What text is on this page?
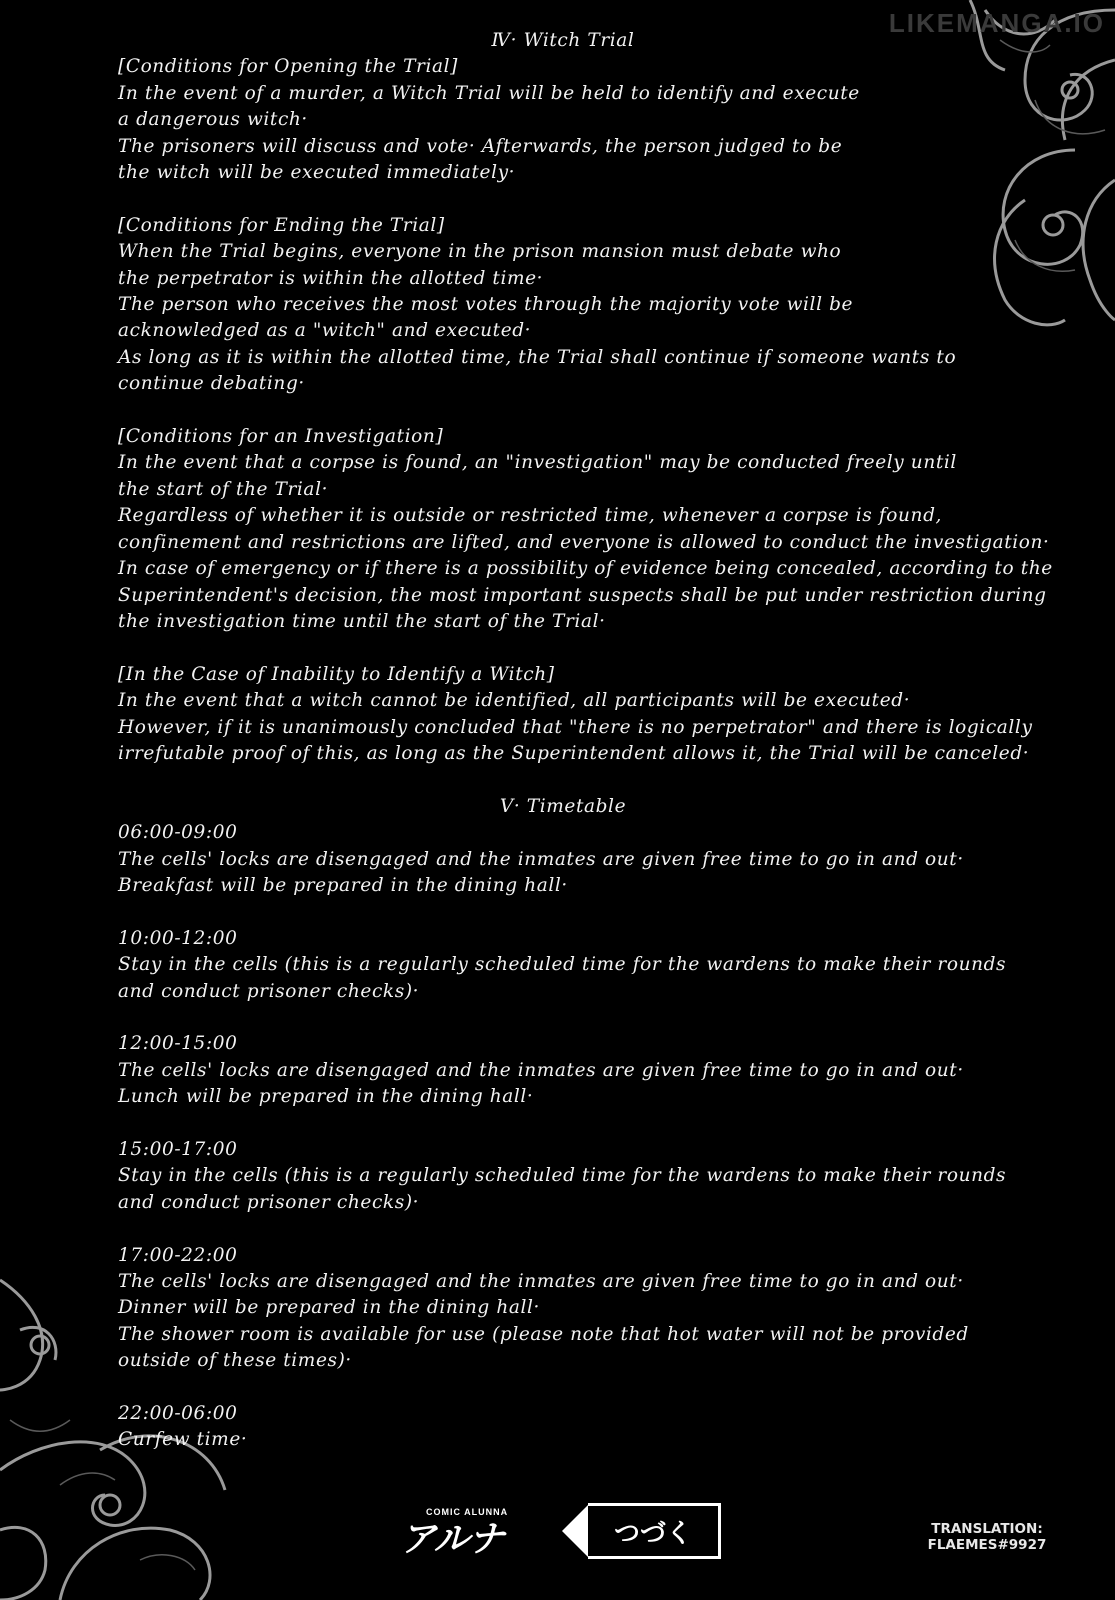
LIKEMANGA.IO
Ⅳ· Witch Trial
[Conditions for Opening the Trial]
In the event of a murder, a Witch Trial will be held to identify and execute
a dangerous witch·
The prisoners will discuss and vote· Afterwards, the person judged to be
the witch will be executed immediately·
[Conditions for Ending the Trial]
When the Trial begins, everyone in the prison mansion must debate who
the perpetrator is within the allotted time·
The person who receives the most votes through the majority vote will be
acknowledged as a "witch" and executed·
As long as it is within the allotted time, the Trial shall continue if someone wants to
continue debating·
[Conditions for an Investigation]
In the event that a corpse is found, an "investigation" may be conducted freely until
the start of the Trial·
Regardless of whether it is outside or restricted time, whenever a corpse is found,
confinement and restrictions are lifted, and everyone is allowed to conduct the investigation·
In case of emergency or if there is a possibility of evidence being concealed, according to the
Superintendent's decision, the most important suspects shall be put under restriction during
the investigation time until the start of the Trial·
[In the Case of Inability to Identify a Witch]
In the event that a witch cannot be identified, all participants will be executed·
However, if it is unanimously concluded that "there is no perpetrator" and there is logically
irrefutable proof of this, as long as the Superintendent allows it, the Trial will be canceled·
Ⅴ· Timetable
06:00-09:00
The cells' locks are disengaged and the inmates are given free time to go in and out·
Breakfast will be prepared in the dining hall·
10:00-12:00
Stay in the cells (this is a regularly scheduled time for the wardens to make their rounds
and conduct prisoner checks)·
12:00-15:00
The cells' locks are disengaged and the inmates are given free time to go in and out·
Lunch will be prepared in the dining hall·
15:00-17:00
Stay in the cells (this is a regularly scheduled time for the wardens to make their rounds
and conduct prisoner checks)·
17:00-22:00
The cells' locks are disengaged and the inmates are given free time to go in and out·
Dinner will be prepared in the dining hall·
The shower room is available for use (please note that hot water will not be provided
outside of these times)·
22:00-06:00
Curfew time·
COMIC ALUNNA
アルナ	つづく	TRANSLATION:
FLAEMES#9927
